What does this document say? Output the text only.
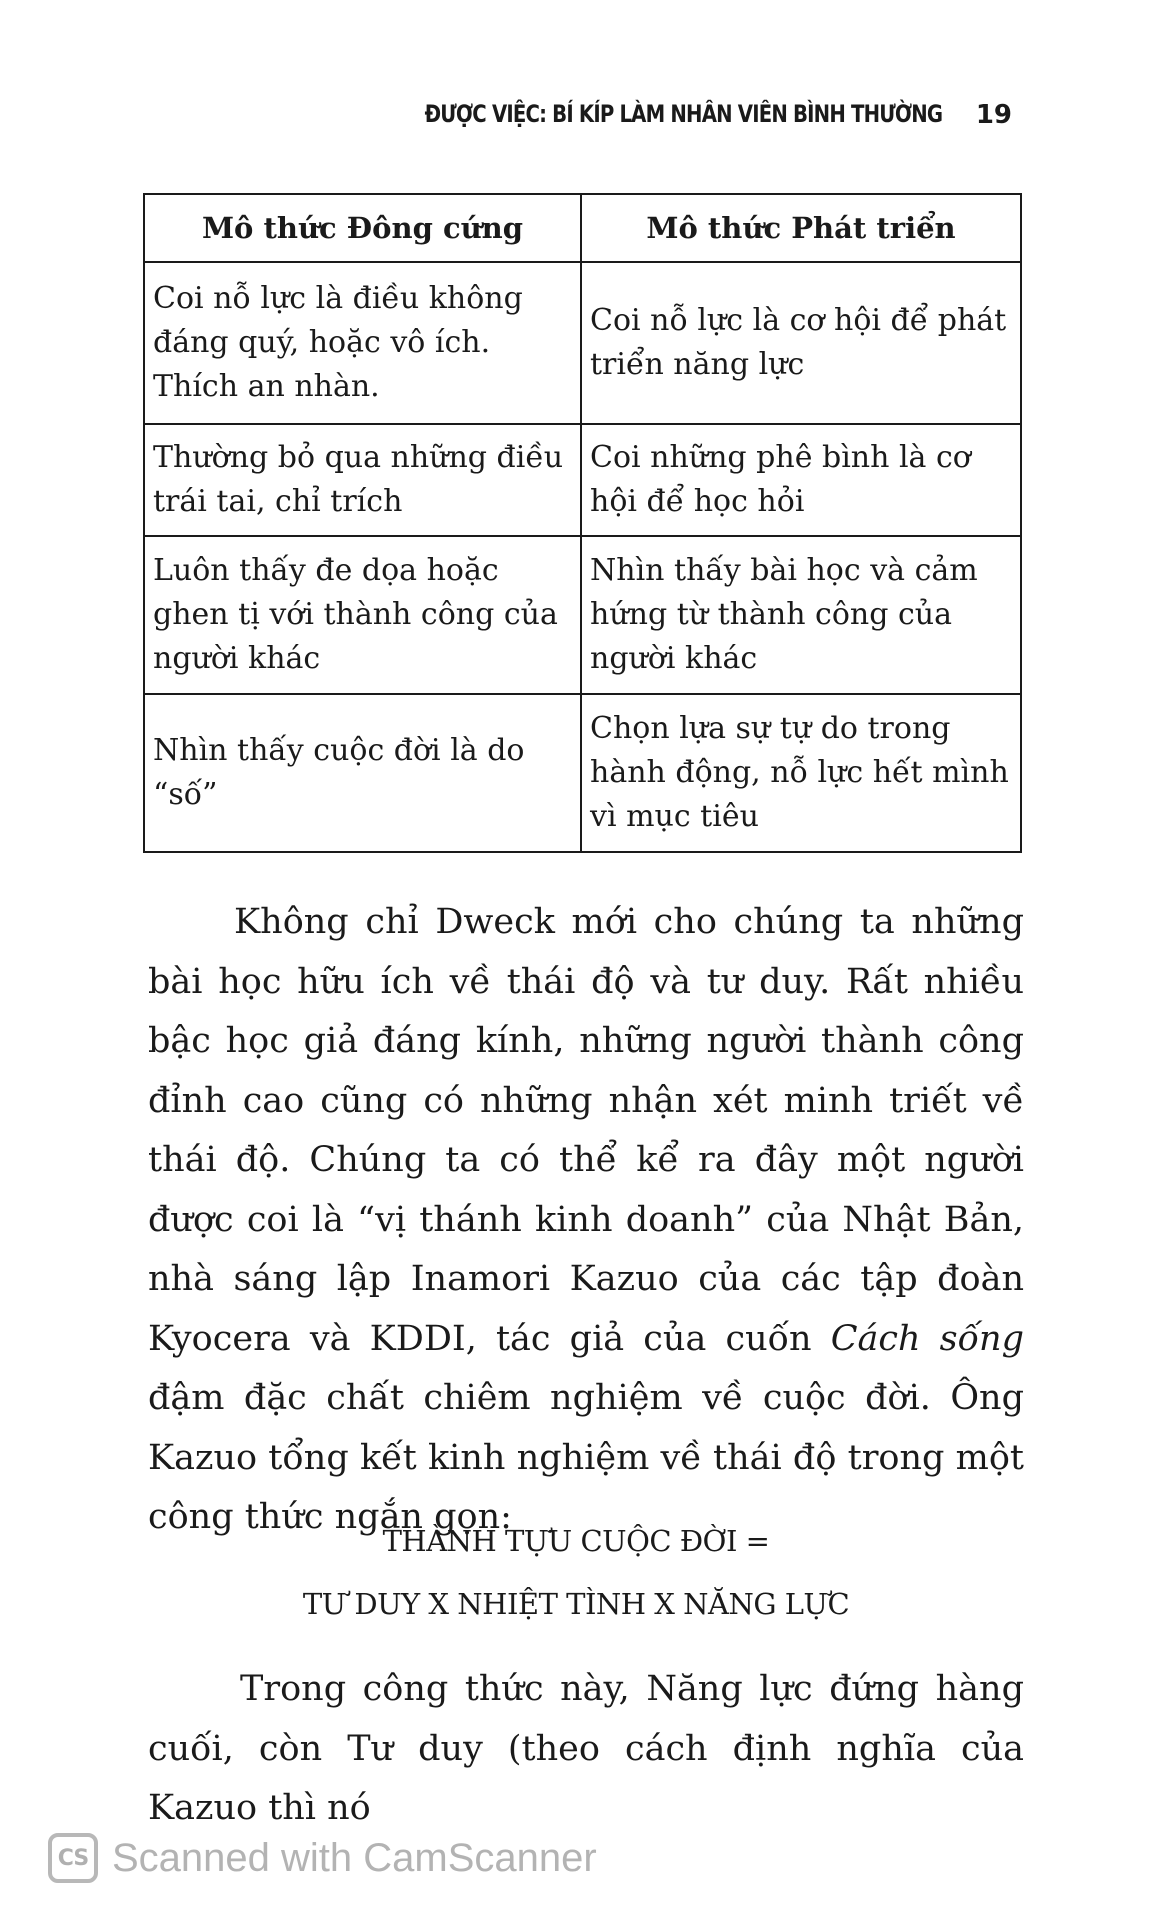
ĐƯỢC VIỆC: BÍ KÍP LÀM NHÂN VIÊN BÌNH THƯỜNG 19
Mô thức Đông cứng	Mô thức Phát triển
Coi nỗ lực là điều không đáng quý, hoặc vô ích. Thích an nhàn.	Coi nỗ lực là cơ hội để phát triển năng lực
Thường bỏ qua những điều trái tai, chỉ trích	Coi những phê bình là cơ hội để học hỏi
Luôn thấy đe dọa hoặc ghen tị với thành công của người khác	Nhìn thấy bài học và cảm hứng từ thành công của người khác
Nhìn thấy cuộc đời là do “số”	Chọn lựa sự tự do trong hành động, nỗ lực hết mình vì mục tiêu

Không chỉ Dweck mới cho chúng ta những bài học hữu ích về thái độ và tư duy. Rất nhiều bậc học giả đáng kính, những người thành công đỉnh cao cũng có những nhận xét minh triết về thái độ. Chúng ta có thể kể ra đây một người được coi là “vị thánh kinh doanh” của Nhật Bản, nhà sáng lập Inamori Kazuo của các tập đoàn Kyocera và KDDI, tác giả của cuốn Cách sống đậm đặc chất chiêm nghiệm về cuộc đời. Ông Kazuo tổng kết kinh nghiệm về thái độ trong một công thức ngắn gọn:

THÀNH TỰU CUỘC ĐỜI =
TƯ DUY X NHIỆT TÌNH X NĂNG LỰC

Trong công thức này, Năng lực đứng hàng cuối, còn Tư duy (theo cách định nghĩa của Kazuo thì nó

CS Scanned with CamScanner
